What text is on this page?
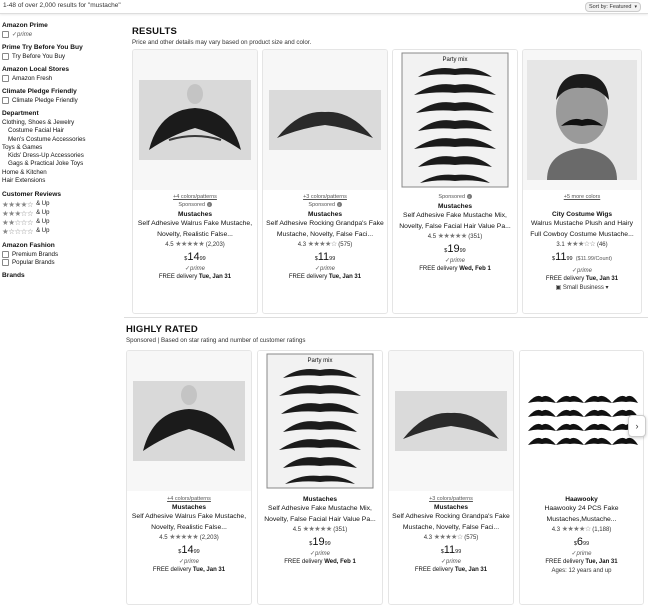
1-48 of over 2,000 results for "mustache"	Sort by: Featured ▾
Amazon Prime
✓prime
Prime Try Before You Buy
Try Before You Buy
Amazon Local Stores
Amazon Fresh
Climate Pledge Friendly
Climate Pledge Friendly
Department
Clothing, Shoes & Jewelry
Costume Facial Hair
Men's Costume Accessories
Toys & Games
Kids' Dress-Up Accessories
Gags & Practical Joke Toys
Home & Kitchen
Hair Extensions
Customer Reviews
★★★★☆ & Up
★★★☆☆ & Up
★★☆☆☆ & Up
★☆☆☆☆ & Up
Amazon Fashion
Premium Brands
Popular Brands
Brands
RESULTS
Price and other details may vary based on product size and color.
+4 colors/patterns
Sponsored i
Mustaches
Self Adhesive Walrus Fake Mustache, Novelty, Realistic False...
4.5 ★★★★★ (2,203)
$^{\$}14^{99}$
✓prime
FREE delivery Tue, Jan 31
+3 colors/patterns
Sponsored i
Mustaches
Self Adhesive Rocking Grandpa's Fake Mustache, Novelty, False Faci...
4.3 ★★★★☆ (575)
$^{\$}11^{99}$
✓prime
FREE delivery Tue, Jan 31
Party mix
Sponsored i
Mustaches
Self Adhesive Fake Mustache Mix, Novelty, False Facial Hair Value Pa...
4.5 ★★★★★ (351)
$^{\$}19^{99}$
✓prime
FREE delivery Wed, Feb 1
+5 more colors
City Costume Wigs
Walrus Mustache Plush and Hairy Full Cowboy Costume Mustache...
3.1 ★★★☆☆ (46)
$^{\$}11^{99}$ ($11.99/Count)
✓prime
FREE delivery Tue, Jan 31
▣ Small Business ▾
HIGHLY RATED
Sponsored | Based on star rating and number of customer ratings
+4 colors/patterns
Mustaches
Self Adhesive Walrus Fake Mustache, Novelty, Realistic False...
4.5 ★★★★★ (2,203)
$^{\$}14^{99}$
✓prime
FREE delivery Tue, Jan 31
Party mix
Mustaches
Self Adhesive Fake Mustache Mix, Novelty, False Facial Hair Value Pa...
4.5 ★★★★★ (351)
$^{\$}19^{99}$
✓prime
FREE delivery Wed, Feb 1
+3 colors/patterns
Mustaches
Self Adhesive Rocking Grandpa's Fake Mustache, Novelty, False Faci...
4.3 ★★★★☆ (575)
$^{\$}11^{99}$
✓prime
FREE delivery Tue, Jan 31
Haawooky
Haawooky 24 PCS Fake Mustaches,Mustache...
4.3 ★★★★☆ (1,188)
$^{\$}6^{99}$
✓prime
FREE delivery Tue, Jan 31
Ages: 12 years and up
›
